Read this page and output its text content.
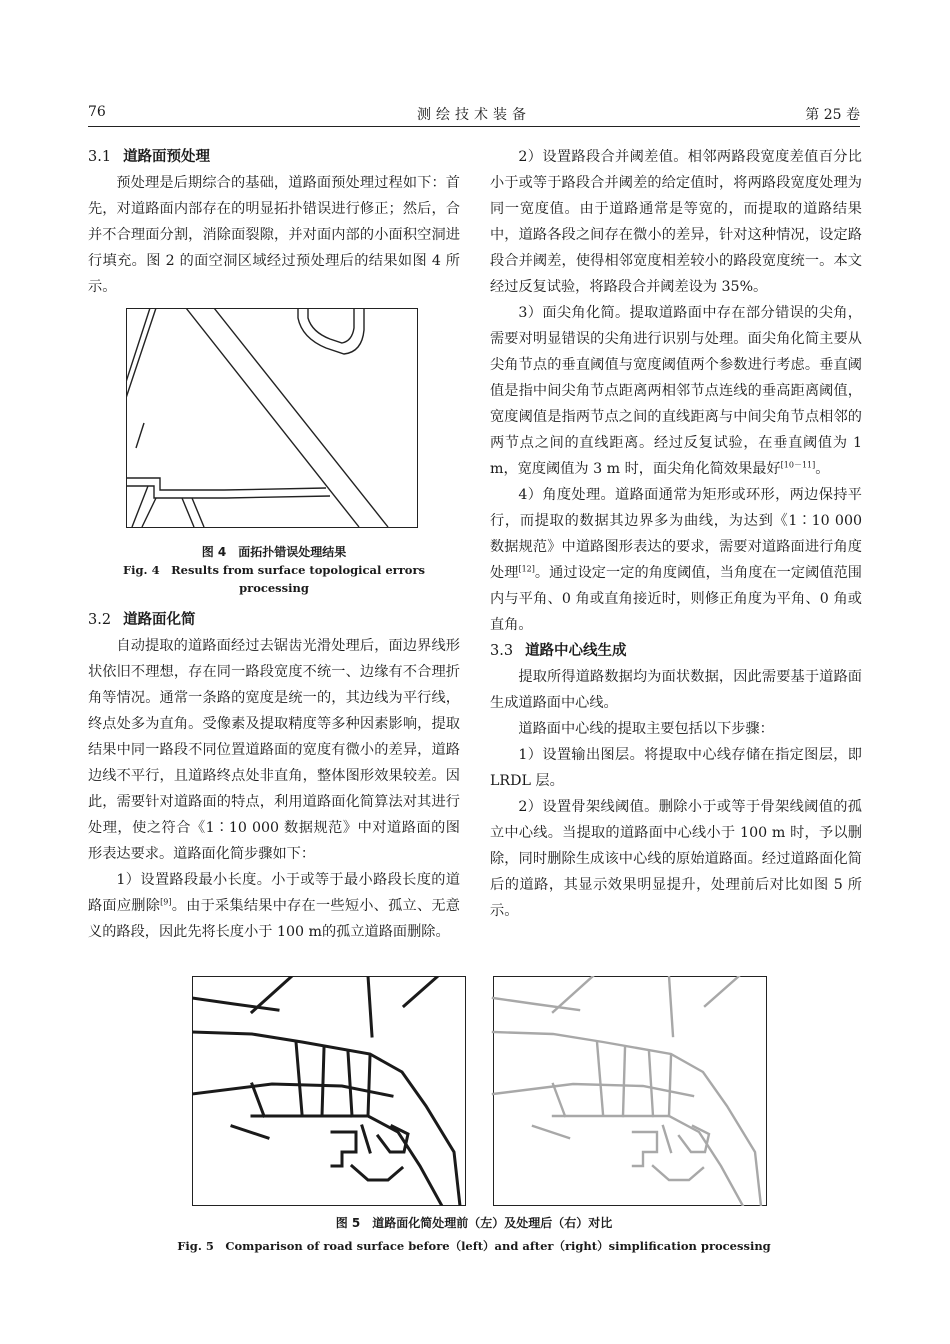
76	测绘技术装备	第 25 卷
3.1 道路面预处理

预处理是后期综合的基础，道路面预处理过程如下：首先，对道路面内部存在的明显拓扑错误进行修正；然后，合并不合理面分割，消除面裂隙，并对面内部的小面积空洞进行填充。图 2 的面空洞区域经过预处理后的结果如图 4 所示。

图 4　面拓扑错误处理结果
Fig. 4　Results from surface topological errors processing
3.2 道路面化简

自动提取的道路面经过去锯齿光滑处理后，面边界线形状依旧不理想，存在同一路段宽度不统一、边缘有不合理折角等情况。通常一条路的宽度是统一的，其边线为平行线，终点处多为直角。受像素及提取精度等多种因素影响，提取结果中同一路段不同位置道路面的宽度有微小的差异，道路边线不平行，且道路终点处非直角，整体图形效果较差。因此，需要针对道路面的特点，利用道路面化简算法对其进行处理，使之符合《1∶10 000 数据规范》中对道路面的图形表达要求。道路面化简步骤如下：

1）设置路段最小长度。小于或等于最小路段长度的道路面应删除[9]。由于采集结果中存在一些短小、孤立、无意义的路段，因此先将长度小于 100 m的孤立道路面删除。

2）设置路段合并阈差值。相邻两路段宽度差值百分比小于或等于路段合并阈差的给定值时，将两路段宽度处理为同一宽度值。由于道路通常是等宽的，而提取的道路结果中，道路各段之间存在微小的差异，针对这种情况，设定路段合并阈差，使得相邻宽度相差较小的路段宽度统一。本文经过反复试验，将路段合并阈差设为 35%。

3）面尖角化简。提取道路面中存在部分错误的尖角，需要对明显错误的尖角进行识别与处理。面尖角化简主要从尖角节点的垂直阈值与宽度阈值两个参数进行考虑。垂直阈值是指中间尖角节点距离两相邻节点连线的垂高距离阈值，宽度阈值是指两节点之间的直线距离与中间尖角节点相邻的两节点之间的直线距离。经过反复试验，在垂直阈值为 1 m，宽度阈值为 3 m 时，面尖角化简效果最好[10－11]。

4）角度处理。道路面通常为矩形或环形，两边保持平行，而提取的数据其边界多为曲线，为达到《1∶10 000 数据规范》中道路图形表达的要求，需要对道路面进行角度处理[12]。通过设定一定的角度阈值，当角度在一定阈值范围内与平角、0 角或直角接近时，则修正角度为平角、0 角或直角。

3.3 道路中心线生成

提取所得道路数据均为面状数据，因此需要基于道路面生成道路面中心线。

道路面中心线的提取主要包括以下步骤：

1）设置输出图层。将提取中心线存储在指定图层，即 LRDL 层。

2）设置骨架线阈值。删除小于或等于骨架线阈值的孤立中心线。当提取的道路面中心线小于 100 m 时，予以删除，同时删除生成该中心线的原始道路面。经过道路面化简后的道路，其显示效果明显提升，处理前后对比如图 5 所示。

图 5　道路面化简处理前（左）及处理后（右）对比
Fig. 5　Comparison of road surface before（left）and after（right）simplification processing
